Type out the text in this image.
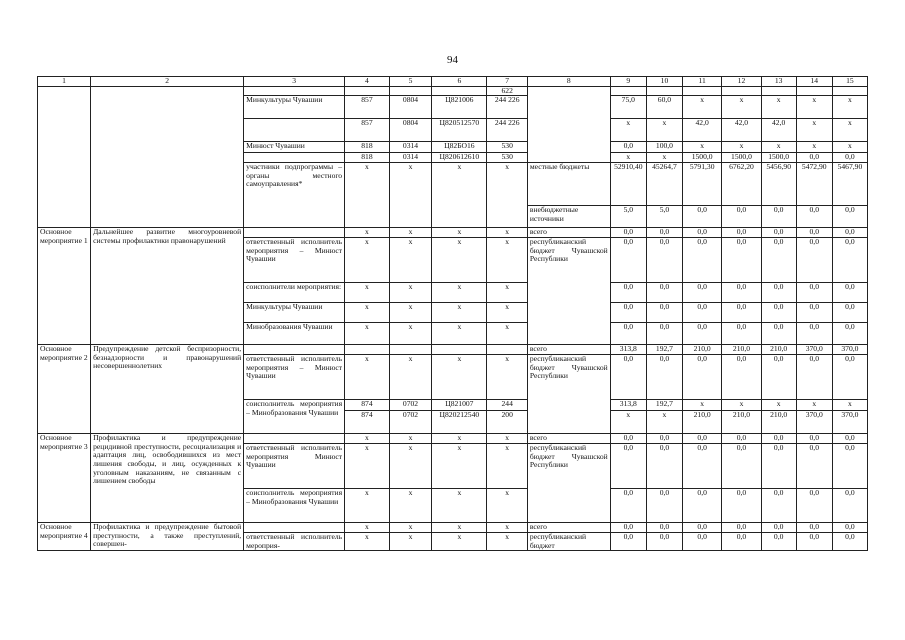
94
1	2	3	4	5	6	7	8	9	10	11	12	13	14	15
						622								
		Минкультуры Чувашии	857	0804	Ц821006	244 226		75,0	60,0	x	x	x	x	x
			857	0804	Ц820512570	244 226		x	x	42,0	42,0	42,0	x	x
		Минюст Чувашии	818	0314	Ц82БО16	530		0,0	100,0	x	x	x	x	x
			818	0314	Ц820612610	530		x	x	1500,0	1500,0	1500,0	0,0	0,0
		участники подпрограммы – органы местного самоуправления*	x	x	x	x	местные бюджеты	52910,40	45264,7	5791,30	6762,20	5456,90	5472,90	5467,90
							внебюджетные источники	5,0	5,0	0,0	0,0	0,0	0,0	0,0
Основное мероприятие 1	Дальнейшее развитие многоуровневой системы профилактики правонарушений		x	x	x	x	всего	0,0	0,0	0,0	0,0	0,0	0,0	0,0
		ответственный исполнитель мероприятия – Минюст Чувашии	x	x	x	x	республиканский бюджет Чувашской Республики	0,0	0,0	0,0	0,0	0,0	0,0	0,0
		соисполнители мероприятия:	x	x	x	x		0,0	0,0	0,0	0,0	0,0	0,0	0,0
		Минкультуры Чувашии	x	x	x	x		0,0	0,0	0,0	0,0	0,0	0,0	0,0
		Минобразования Чувашии	x	x	x	x		0,0	0,0	0,0	0,0	0,0	0,0	0,0
Основное мероприятие 2	Предупреждение детской беспризорности, безнадзорности и правонарушений несовершеннолетних						всего	313,8	192,7	210,0	210,0	210,0	370,0	370,0
		ответственный исполнитель мероприятия – Минюст Чувашии	x	x	x	x	республиканский бюджет Чувашской Республики	0,0	0,0	0,0	0,0	0,0	0,0	0,0
		соисполнитель мероприятия – Минобразования Чувашии	874	0702	Ц821007	244		313,8	192,7	x	x	x	x	x
			874	0702	Ц820212540	200		x	x	210,0	210,0	210,0	370,0	370,0
Основное мероприятие 3	Профилактика и предупреждение рецидивной преступности, ресоциализация и адаптация лиц, освободившихся из мест лишения свободы, и лиц, осужденных к уголовным наказаниям, не связанным с лишением свободы		x	x	x	x	всего	0,0	0,0	0,0	0,0	0,0	0,0	0,0
		ответственный исполнитель мероприятия Минюст Чувашии	x	x	x	x	республиканский бюджет Чувашской Республики	0,0	0,0	0,0	0,0	0,0	0,0	0,0
		соисполнитель мероприятия – Минобразования Чувашии	x	x	x	x		0,0	0,0	0,0	0,0	0,0	0,0	0,0
Основное мероприятие 4	Профилактика и предупреждение бытовой преступности, а также преступлений, совершен-		x	x	x	x	всего	0,0	0,0	0,0	0,0	0,0	0,0	0,0
		ответственный исполнитель мероприя-	x	x	x	x	республиканский бюджет	0,0	0,0	0,0	0,0	0,0	0,0	0,0
